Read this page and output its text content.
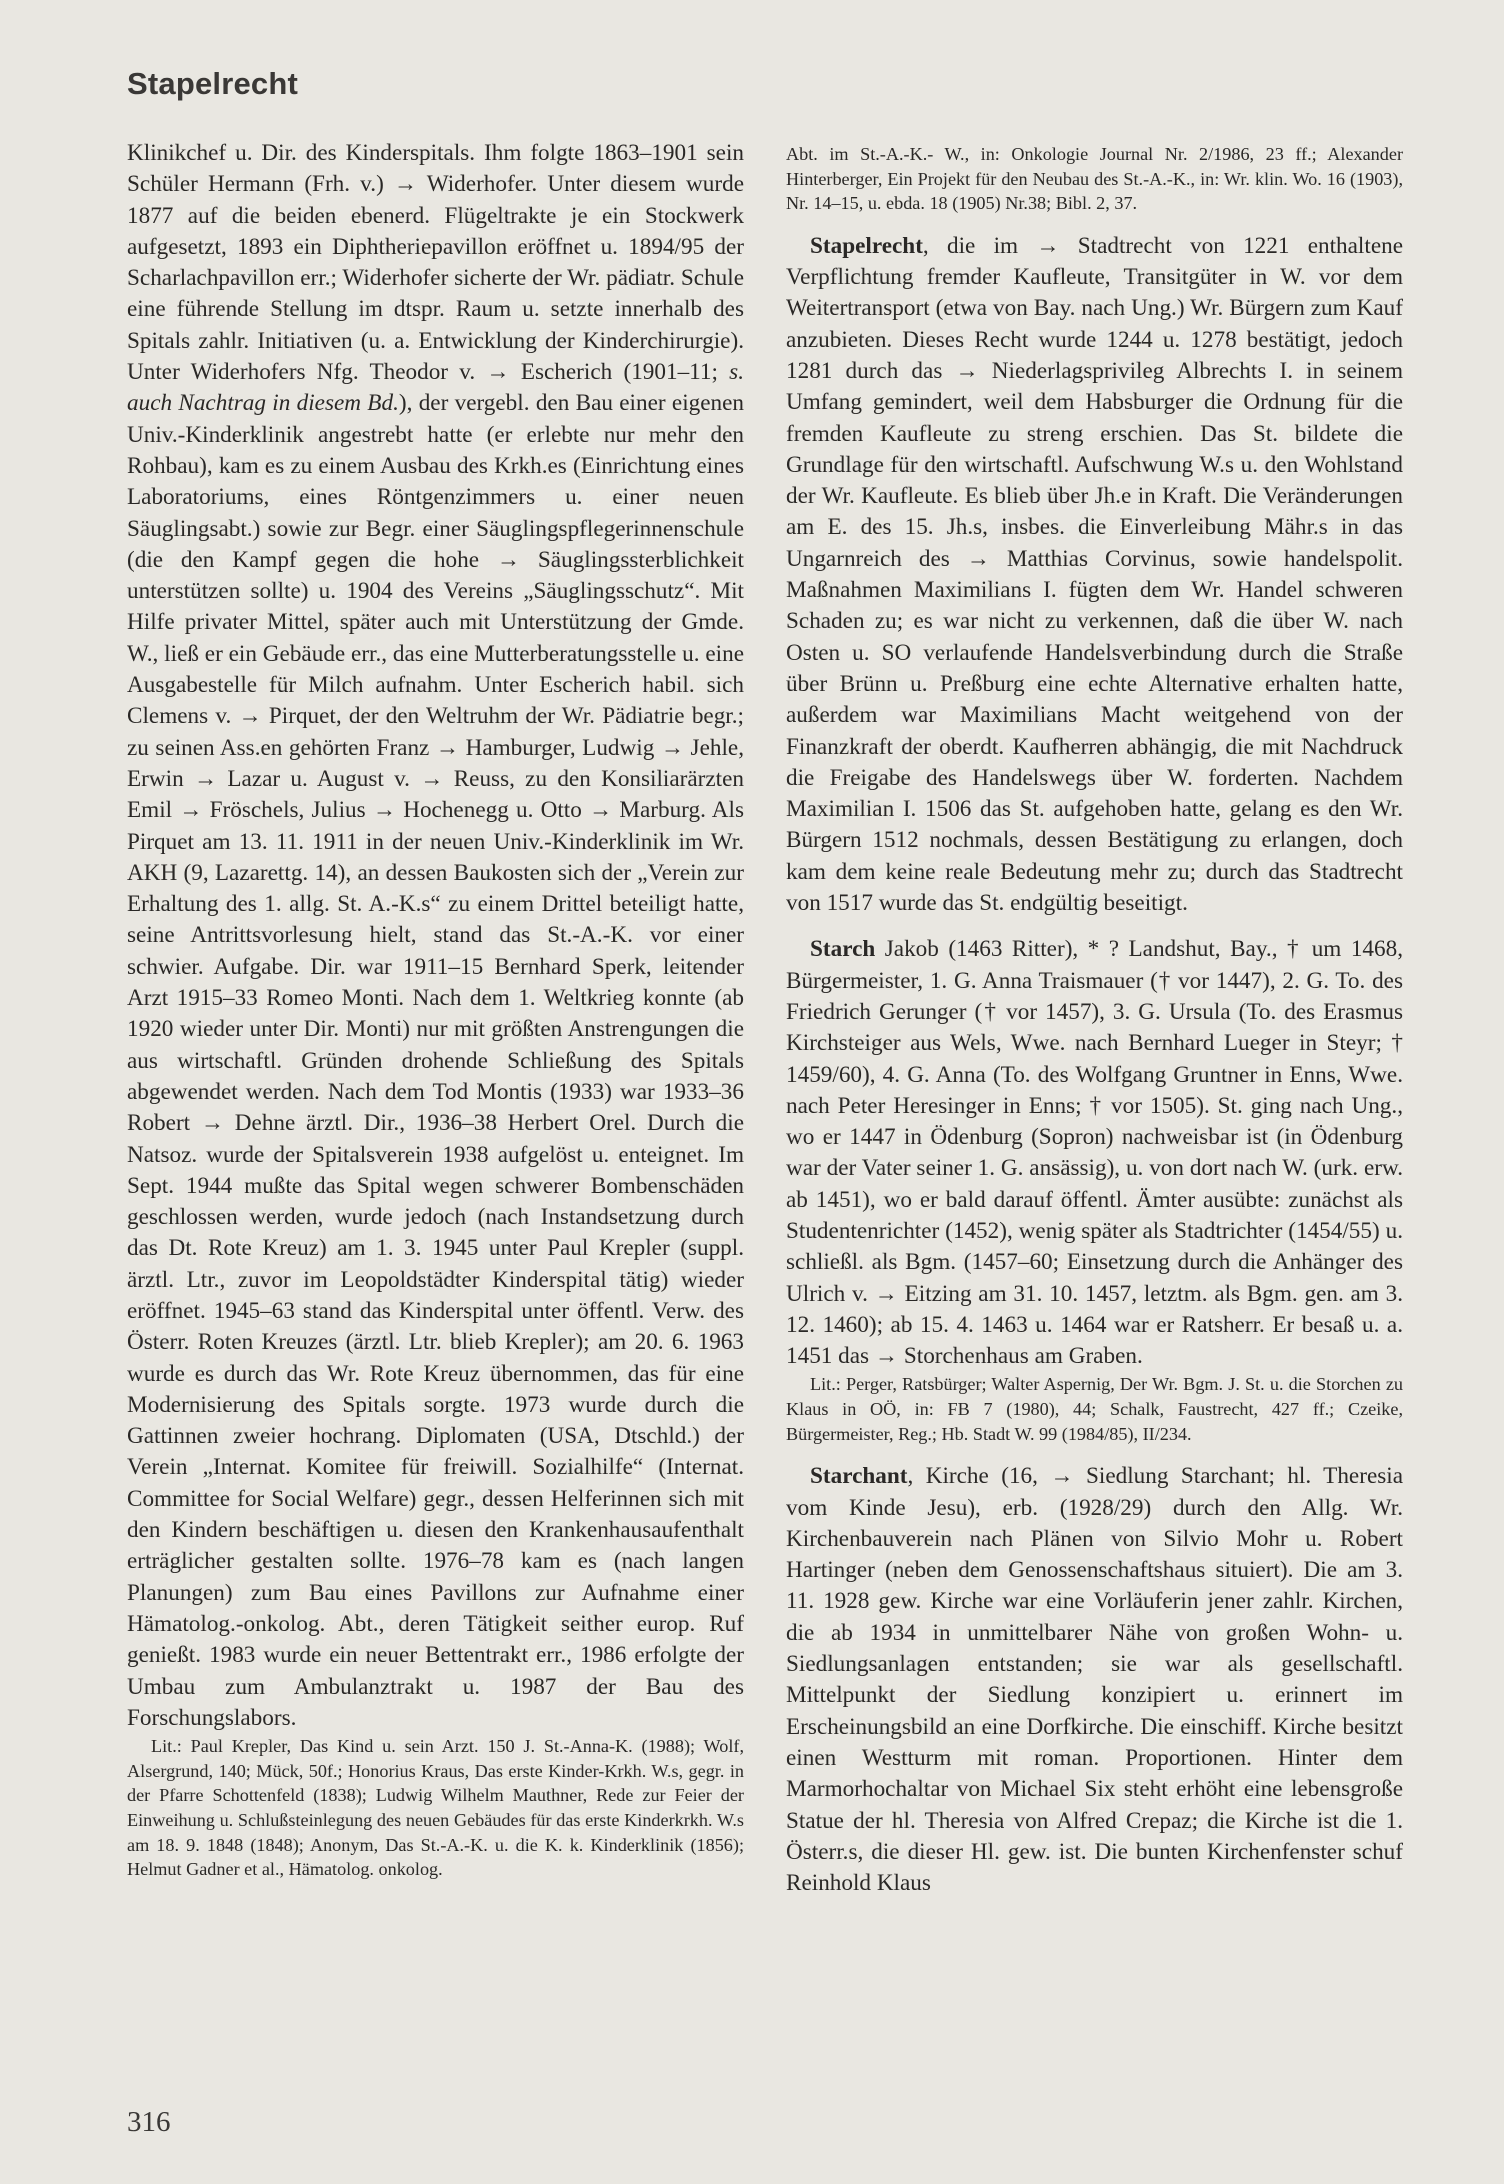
Stapelrecht

Klinikchef u. Dir. des Kinderspitals. Ihm folgte 1863–1901 sein Schüler Hermann (Frh. v.) → Widerhofer. Unter diesem wurde 1877 auf die beiden ebenerd. Flügeltrakte je ein Stockwerk aufgesetzt, 1893 ein Diphtheriepavillon eröffnet u. 1894/95 der Scharlachpavillon err.; Widerhofer sicherte der Wr. pädiatr. Schule eine führende Stellung im dtspr. Raum u. setzte innerhalb des Spitals zahlr. Initiativen (u. a. Entwicklung der Kinderchirurgie). Unter Widerhofers Nfg. Theodor v. → Escherich (1901–11; s. auch Nachtrag in diesem Bd.), der vergebl. den Bau einer eigenen Univ.-Kinderklinik angestrebt hatte (er erlebte nur mehr den Rohbau), kam es zu einem Ausbau des Krkh.es (Einrichtung eines Laboratoriums, eines Röntgenzimmers u. einer neuen Säuglingsabt.) sowie zur Begr. einer Säuglingspflegerinnenschule (die den Kampf gegen die hohe → Säuglingssterblichkeit unterstützen sollte) u. 1904 des Vereins „Säuglingsschutz“. Mit Hilfe privater Mittel, später auch mit Unterstützung der Gmde. W., ließ er ein Gebäude err., das eine Mutterberatungsstelle u. eine Ausgabestelle für Milch aufnahm. Unter Escherich habil. sich Clemens v. → Pirquet, der den Weltruhm der Wr. Pädiatrie begr.; zu seinen Ass.en gehörten Franz → Hamburger, Ludwig → Jehle, Erwin → Lazar u. August v. → Reuss, zu den Konsiliarärzten Emil → Fröschels, Julius → Hochenegg u. Otto → Marburg. Als Pirquet am 13. 11. 1911 in der neuen Univ.-Kinderklinik im Wr. AKH (9, Lazarettg. 14), an dessen Baukosten sich der „Verein zur Erhaltung des 1. allg. St. A.-K.s“ zu einem Drittel beteiligt hatte, seine Antrittsvorlesung hielt, stand das St.-A.-K. vor einer schwier. Aufgabe. Dir. war 1911–15 Bernhard Sperk, leitender Arzt 1915–33 Romeo Monti. Nach dem 1. Weltkrieg konnte (ab 1920 wieder unter Dir. Monti) nur mit größten Anstrengungen die aus wirtschaftl. Gründen drohende Schließung des Spitals abgewendet werden. Nach dem Tod Montis (1933) war 1933–36 Robert → Dehne ärztl. Dir., 1936–38 Herbert Orel. Durch die Natsoz. wurde der Spitalsverein 1938 aufgelöst u. enteignet. Im Sept. 1944 mußte das Spital wegen schwerer Bombenschäden geschlossen werden, wurde jedoch (nach Instandsetzung durch das Dt. Rote Kreuz) am 1. 3. 1945 unter Paul Krepler (suppl. ärztl. Ltr., zuvor im Leopoldstädter Kinderspital tätig) wieder eröffnet. 1945–63 stand das Kinderspital unter öffentl. Verw. des Österr. Roten Kreuzes (ärztl. Ltr. blieb Krepler); am 20. 6. 1963 wurde es durch das Wr. Rote Kreuz übernommen, das für eine Modernisierung des Spitals sorgte. 1973 wurde durch die Gattinnen zweier hochrang. Diplomaten (USA, Dtschld.) der Verein „Internat. Komitee für freiwill. Sozialhilfe“ (Internat. Committee for Social Welfare) gegr., dessen Helferinnen sich mit den Kindern beschäftigen u. diesen den Krankenhausaufenthalt erträglicher gestalten sollte. 1976–78 kam es (nach langen Planungen) zum Bau eines Pavillons zur Aufnahme einer Hämatolog.-onkolog. Abt., deren Tätigkeit seither europ. Ruf genießt. 1983 wurde ein neuer Bettentrakt err., 1986 erfolgte der Umbau zum Ambulanztrakt u. 1987 der Bau des Forschungslabors.

Lit.: Paul Krepler, Das Kind u. sein Arzt. 150 J. St.-Anna-K. (1988); Wolf, Alsergrund, 140; Mück, 50f.; Honorius Kraus, Das erste Kinder-Krkh. W.s, gegr. in der Pfarre Schottenfeld (1838); Ludwig Wilhelm Mauthner, Rede zur Feier der Einweihung u. Schlußsteinlegung des neuen Gebäudes für das erste Kinderkrkh. W.s am 18. 9. 1848 (1848); Anonym, Das St.-A.-K. u. die K. k. Kinderklinik (1856); Helmut Gadner et al., Hämatolog. onkolog.

Abt. im St.-A.-K.- W., in: Onkologie Journal Nr. 2/1986, 23 ff.; Alexander Hinterberger, Ein Projekt für den Neubau des St.-A.-K., in: Wr. klin. Wo. 16 (1903), Nr. 14–15, u. ebda. 18 (1905) Nr.38; Bibl. 2, 37.

Stapelrecht, die im → Stadtrecht von 1221 enthaltene Verpflichtung fremder Kaufleute, Transitgüter in W. vor dem Weitertransport (etwa von Bay. nach Ung.) Wr. Bürgern zum Kauf anzubieten. Dieses Recht wurde 1244 u. 1278 bestätigt, jedoch 1281 durch das → Niederlagsprivileg Albrechts I. in seinem Umfang gemindert, weil dem Habsburger die Ordnung für die fremden Kaufleute zu streng erschien. Das St. bildete die Grundlage für den wirtschaftl. Aufschwung W.s u. den Wohlstand der Wr. Kaufleute. Es blieb über Jh.e in Kraft. Die Veränderungen am E. des 15. Jh.s, insbes. die Einverleibung Mähr.s in das Ungarnreich des → Matthias Corvinus, sowie handelspolit. Maßnahmen Maximilians I. fügten dem Wr. Handel schweren Schaden zu; es war nicht zu verkennen, daß die über W. nach Osten u. SO verlaufende Handelsverbindung durch die Straße über Brünn u. Preßburg eine echte Alternative erhalten hatte, außerdem war Maximilians Macht weitgehend von der Finanzkraft der oberdt. Kaufherren abhängig, die mit Nachdruck die Freigabe des Handelswegs über W. forderten. Nachdem Maximilian I. 1506 das St. aufgehoben hatte, gelang es den Wr. Bürgern 1512 nochmals, dessen Bestätigung zu erlangen, doch kam dem keine reale Bedeutung mehr zu; durch das Stadtrecht von 1517 wurde das St. endgültig beseitigt.

Starch Jakob (1463 Ritter), * ? Landshut, Bay., † um 1468, Bürgermeister, 1. G. Anna Traismauer († vor 1447), 2. G. To. des Friedrich Gerunger († vor 1457), 3. G. Ursula (To. des Erasmus Kirchsteiger aus Wels, Wwe. nach Bernhard Lueger in Steyr; † 1459/60), 4. G. Anna (To. des Wolfgang Gruntner in Enns, Wwe. nach Peter Heresinger in Enns; † vor 1505). St. ging nach Ung., wo er 1447 in Ödenburg (Sopron) nachweisbar ist (in Ödenburg war der Vater seiner 1. G. ansässig), u. von dort nach W. (urk. erw. ab 1451), wo er bald darauf öffentl. Ämter ausübte: zunächst als Studentenrichter (1452), wenig später als Stadtrichter (1454/55) u. schließl. als Bgm. (1457–60; Einsetzung durch die Anhänger des Ulrich v. → Eitzing am 31. 10. 1457, letztm. als Bgm. gen. am 3. 12. 1460); ab 15. 4. 1463 u. 1464 war er Ratsherr. Er besaß u. a. 1451 das → Storchenhaus am Graben.

Lit.: Perger, Ratsbürger; Walter Aspernig, Der Wr. Bgm. J. St. u. die Storchen zu Klaus in OÖ, in: FB 7 (1980), 44; Schalk, Faustrecht, 427 ff.; Czeike, Bürgermeister, Reg.; Hb. Stadt W. 99 (1984/85), II/234.

Starchant, Kirche (16, → Siedlung Starchant; hl. Theresia vom Kinde Jesu), erb. (1928/29) durch den Allg. Wr. Kirchenbauverein nach Plänen von Silvio Mohr u. Robert Hartinger (neben dem Genossenschaftshaus situiert). Die am 3. 11. 1928 gew. Kirche war eine Vorläuferin jener zahlr. Kirchen, die ab 1934 in unmittelbarer Nähe von großen Wohn- u. Siedlungsanlagen entstanden; sie war als gesellschaftl. Mittelpunkt der Siedlung konzipiert u. erinnert im Erscheinungsbild an eine Dorfkirche. Die einschiff. Kirche besitzt einen Westturm mit roman. Proportionen. Hinter dem Marmorhochaltar von Michael Six steht erhöht eine lebensgroße Statue der hl. Theresia von Alfred Crepaz; die Kirche ist die 1. Österr.s, die dieser Hl. gew. ist. Die bunten Kirchenfenster schuf Reinhold Klaus

316
